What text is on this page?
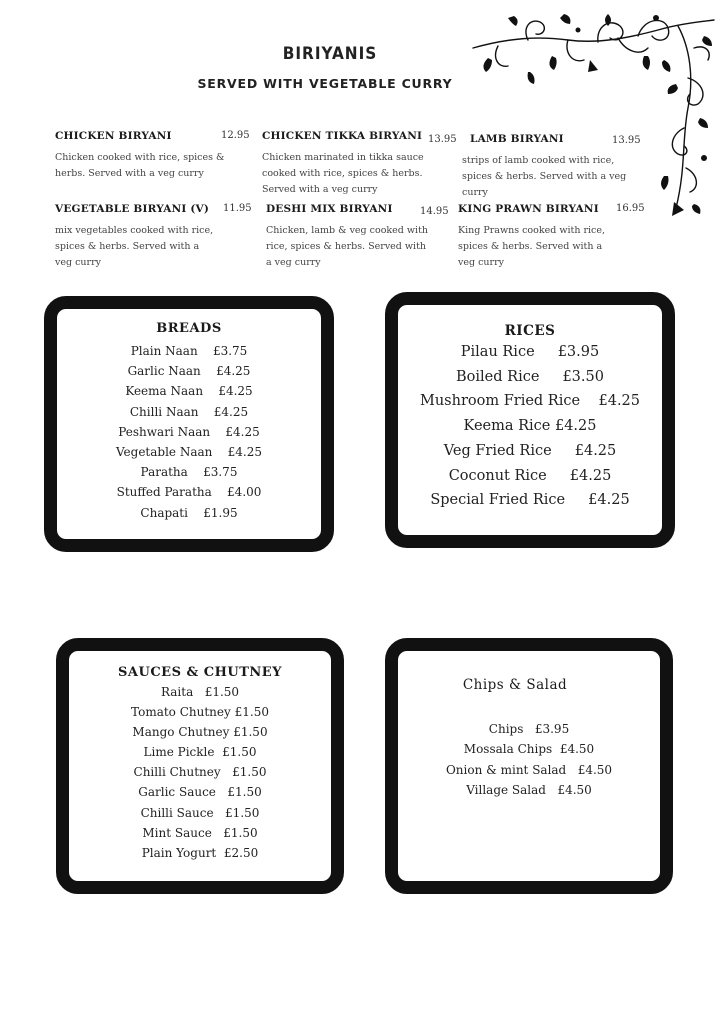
BIRIYANIS
SERVED WITH VEGETABLE CURRY
CHICKEN BIRYANI	12.95
Chicken cooked with rice, spices & herbs. Served with a veg curry
CHICKEN TIKKA BIRYANI 13.95
Chicken marinated in tikka sauce cooked with rice, spices & herbs. Served with a veg curry
LAMB BIRYANI	13.95
strips of lamb cooked with rice, spices & herbs. Served with a veg curry
VEGETABLE BIRYANI (V) 11.95
mix vegetables cooked with rice, spices & herbs. Served with a veg curry
DESHI MIX BIRYANI	14.95
Chicken, lamb & veg cooked with rice, spices & herbs. Served with a veg curry
KING PRAWN BIRYANI 16.95
King Prawns cooked with rice, spices & herbs. Served with a veg curry
BREADS
Plain Naan £3.75
Garlic Naan £4.25
Keema Naan £4.25
Chilli Naan £4.25
Peshwari Naan £4.25
Vegetable Naan £4.25
Paratha £3.75
Stuffed Paratha £4.00
Chapati £1.95
RICES
Pilau Rice £3.95
Boiled Rice £3.50
Mushroom Fried Rice £4.25
Keema Rice £4.25
Veg Fried Rice £4.25
Coconut Rice £4.25
Special Fried Rice £4.25
SAUCES & CHUTNEY
Raita £1.50
Tomato Chutney £1.50
Mango Chutney £1.50
Lime Pickle £1.50
Chilli Chutney £1.50
Garlic Sauce £1.50
Chilli Sauce £1.50
Mint Sauce £1.50
Plain Yogurt £2.50
Chips & Salad
Chips £3.95
Mossala Chips £4.50
Onion & mint Salad £4.50
Village Salad £4.50
